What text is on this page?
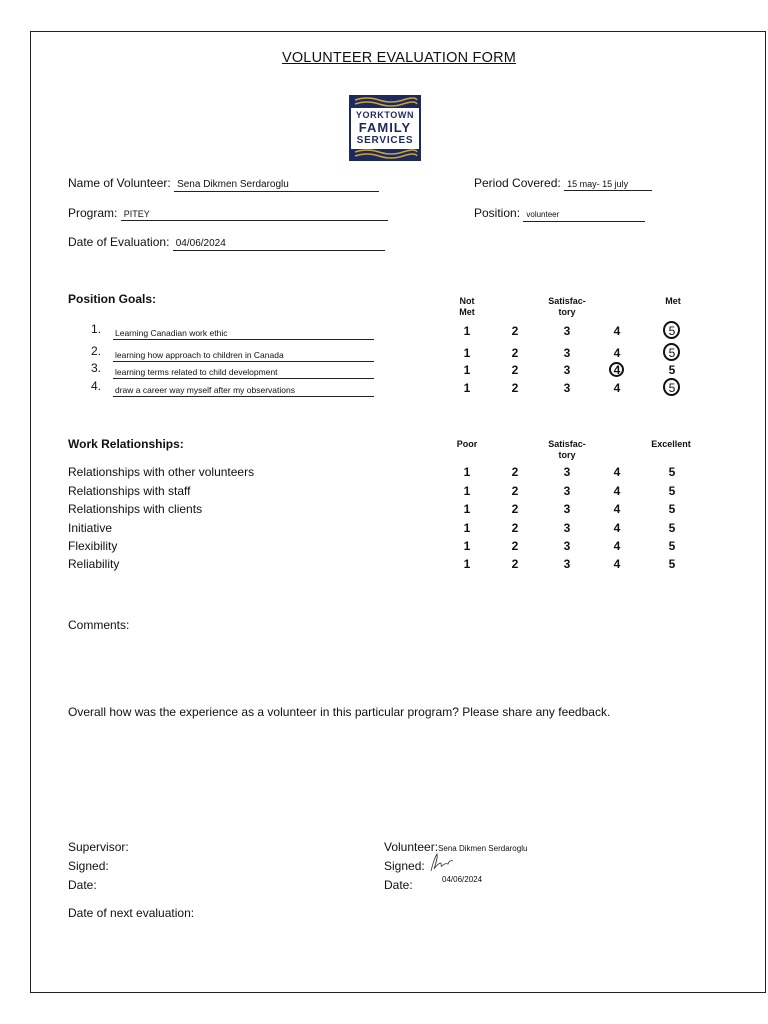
VOLUNTEER EVALUATION FORM
YORKTOWN
FAMILY
SERVICES
Name of Volunteer: Sena Dikmen Serdaroglu	Period Covered: 15 may- 15 july
Program: PITEY	Position: volunteer
Date of Evaluation: 04/06/2024
Position Goals:	Not
Met
Satisfac-
tory
Met
1. Learning Canadian work ethic	1	2	3	4	5
2. learning how approach to children in Canada	1	2	3	4	5
3. learning terms related to child development	1	2	3	4	5
4. draw a career way myself after my observations	1	2	3	4	5
Work Relationships:	Poor	Satisfac-
tory
Excellent
Relationships with other volunteers	1	2	3	4	5
Relationships with staff	1	2	3	4	5
Relationships with clients	1	2	3	4	5
Initiative	1	2	3	4	5
Flexibility	1	2	3	4	5
Reliability	1	2	3	4	5
Comments:
Overall how was the experience as a volunteer in this particular program? Please share any feedback.
Supervisor:
Signed:
Date:
Volunteer:Sena Dikmen Serdaroglu
Signed:
Date:	04/06/2024
Date of next evaluation:
